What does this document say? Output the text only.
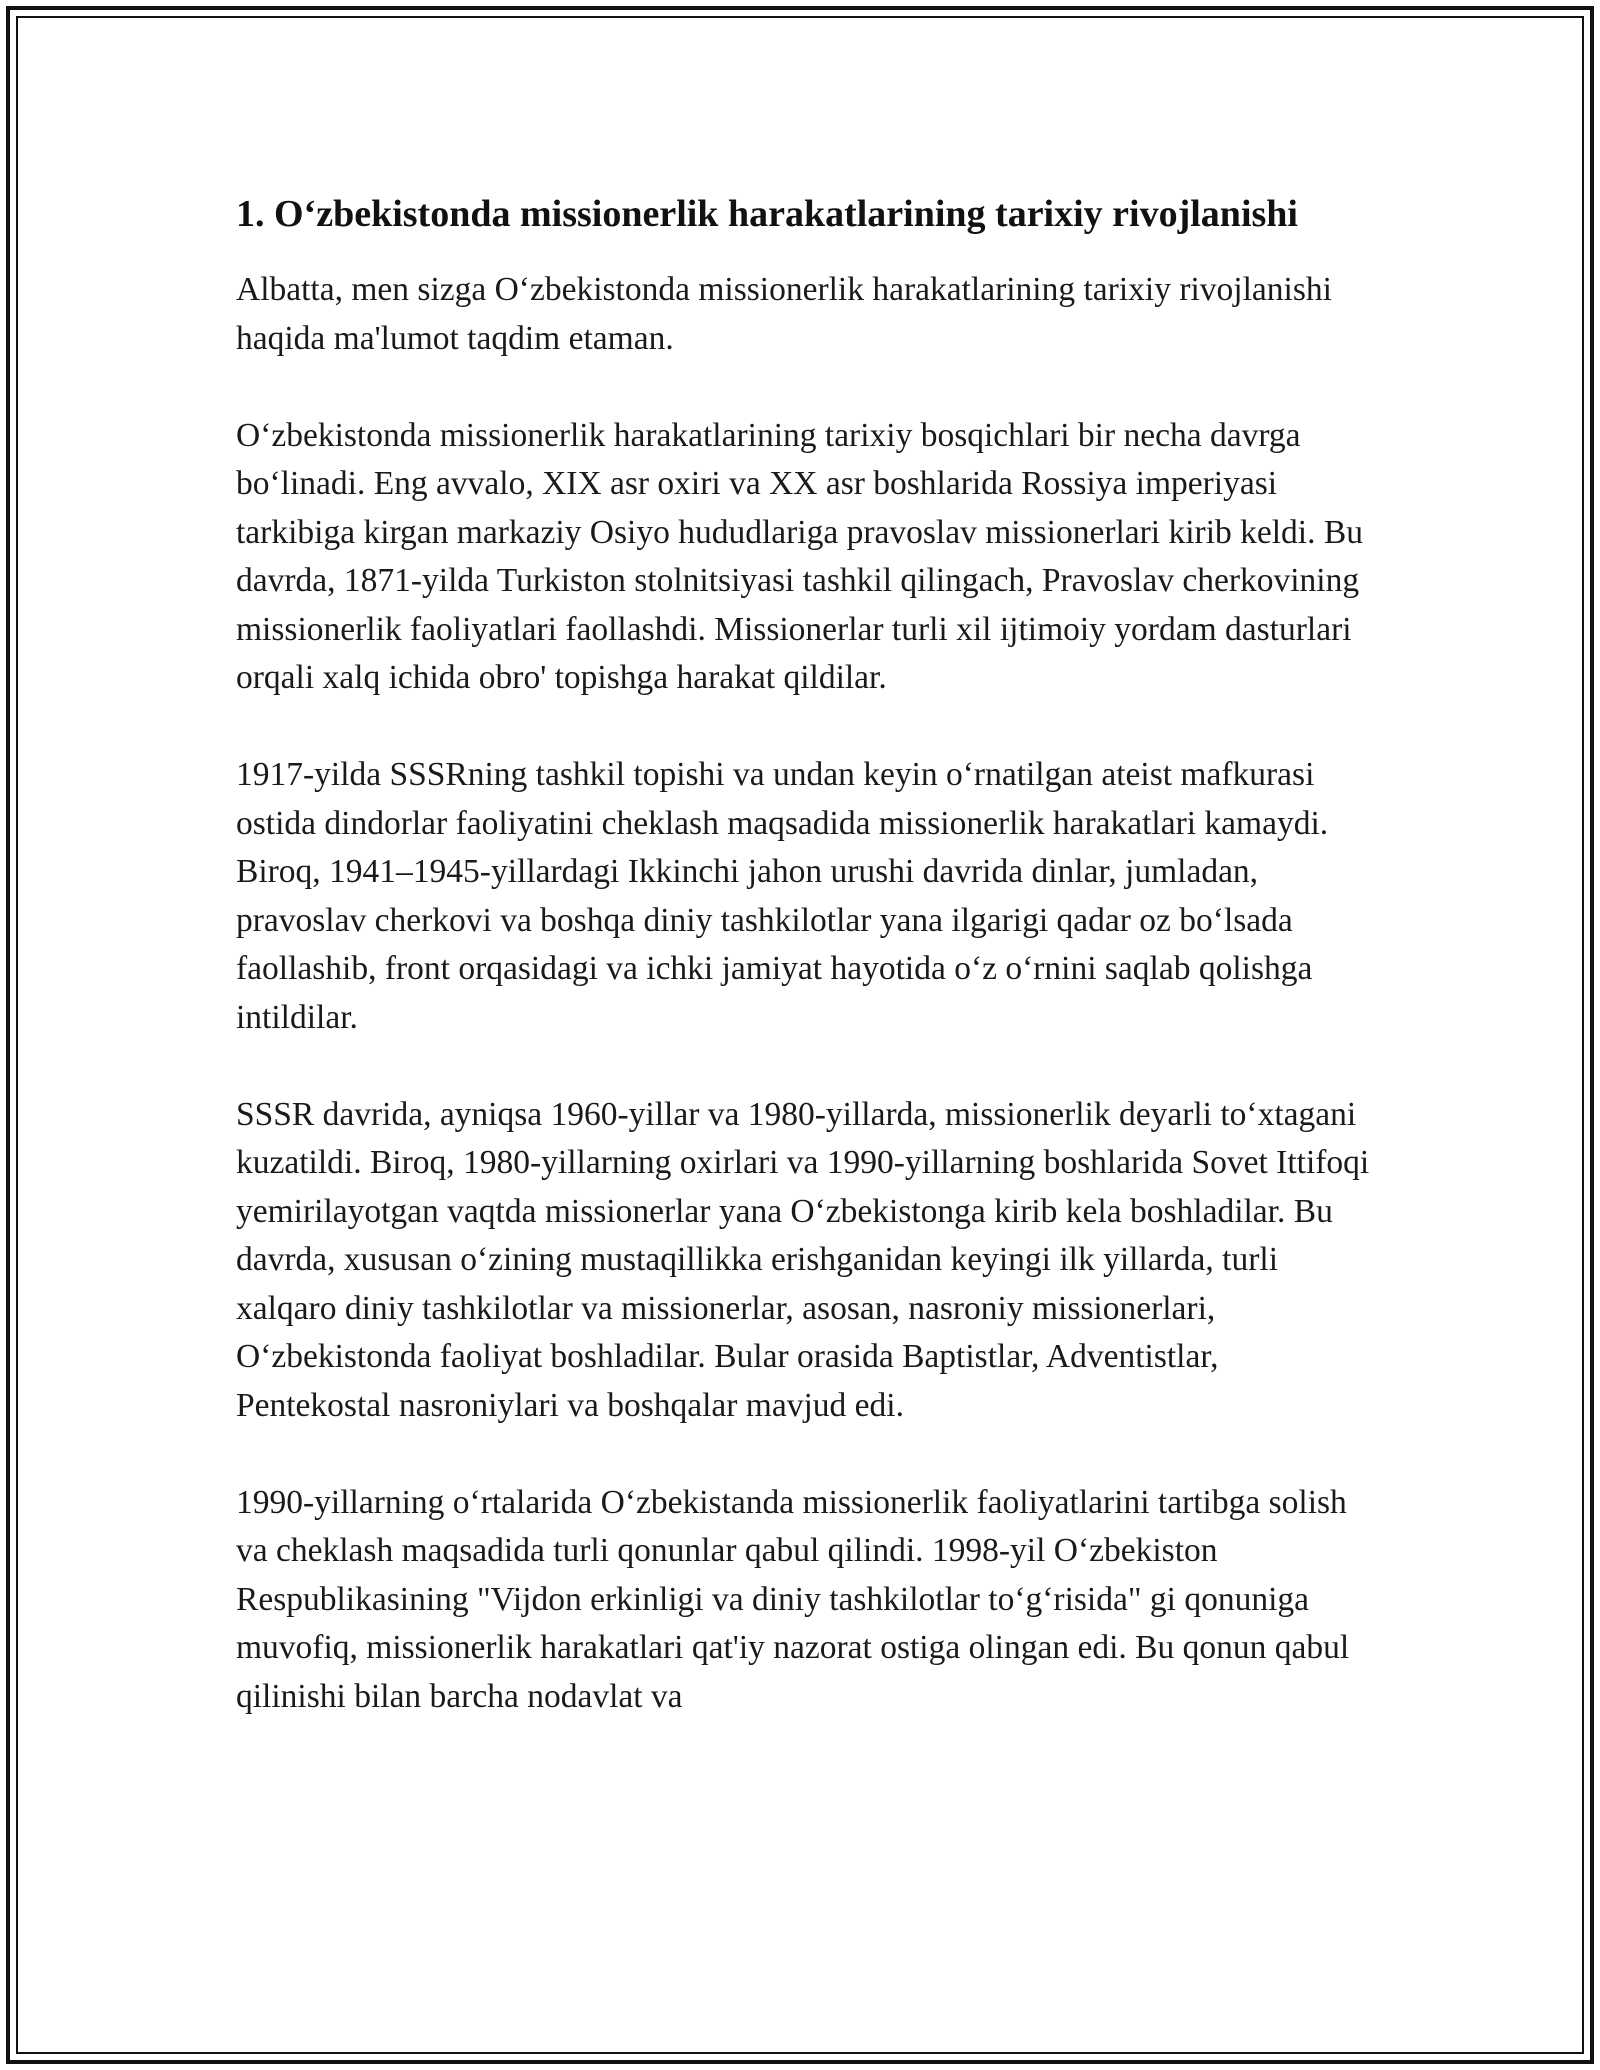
1. O‘zbekistonda missionerlik harakatlarining tarixiy rivojlanishi

Albatta, men sizga O‘zbekistonda missionerlik harakatlarining tarixiy rivojlanishi haqida ma'lumot taqdim etaman.

O‘zbekistonda missionerlik harakatlarining tarixiy bosqichlari bir necha davrga bo‘linadi. Eng avvalo, XIX asr oxiri va XX asr boshlarida Rossiya imperiyasi tarkibiga kirgan markaziy Osiyo hududlariga pravoslav missionerlari kirib keldi. Bu davrda, 1871-yilda Turkiston stolnitsiyasi tashkil qilingach, Pravoslav cherkovining missionerlik faoliyatlari faollashdi. Missionerlar turli xil ijtimoiy yordam dasturlari orqali xalq ichida obro' topishga harakat qildilar.

1917-yilda SSSRning tashkil topishi va undan keyin o‘rnatilgan ateist mafkurasi ostida dindorlar faoliyatini cheklash maqsadida missionerlik harakatlari kamaydi. Biroq, 1941–1945-yillardagi Ikkinchi jahon urushi davrida dinlar, jumladan, pravoslav cherkovi va boshqa diniy tashkilotlar yana ilgarigi qadar oz bo‘lsada faollashib, front orqasidagi va ichki jamiyat hayotida o‘z o‘rnini saqlab qolishga intildilar.

SSSR davrida, ayniqsa 1960-yillar va 1980-yillarda, missionerlik deyarli to‘xtagani kuzatildi. Biroq, 1980-yillarning oxirlari va 1990-yillarning boshlarida Sovet Ittifoqi yemirilayotgan vaqtda missionerlar yana O‘zbekistonga kirib kela boshladilar. Bu davrda, xususan o‘zining mustaqillikka erishganidan keyingi ilk yillarda, turli xalqaro diniy tashkilotlar va missionerlar, asosan, nasroniy missionerlari, O‘zbekistonda faoliyat boshladilar. Bular orasida Baptistlar, Adventistlar, Pentekostal nasroniylari va boshqalar mavjud edi.

1990-yillarning o‘rtalarida O‘zbekistanda missionerlik faoliyatlarini tartibga solish va cheklash maqsadida turli qonunlar qabul qilindi. 1998-yil O‘zbekiston Respublikasining "Vijdon erkinligi va diniy tashkilotlar to‘g‘risida" gi qonuniga muvofiq, missionerlik harakatlari qat'iy nazorat ostiga olingan edi. Bu qonun qabul qilinishi bilan barcha nodavlat va
